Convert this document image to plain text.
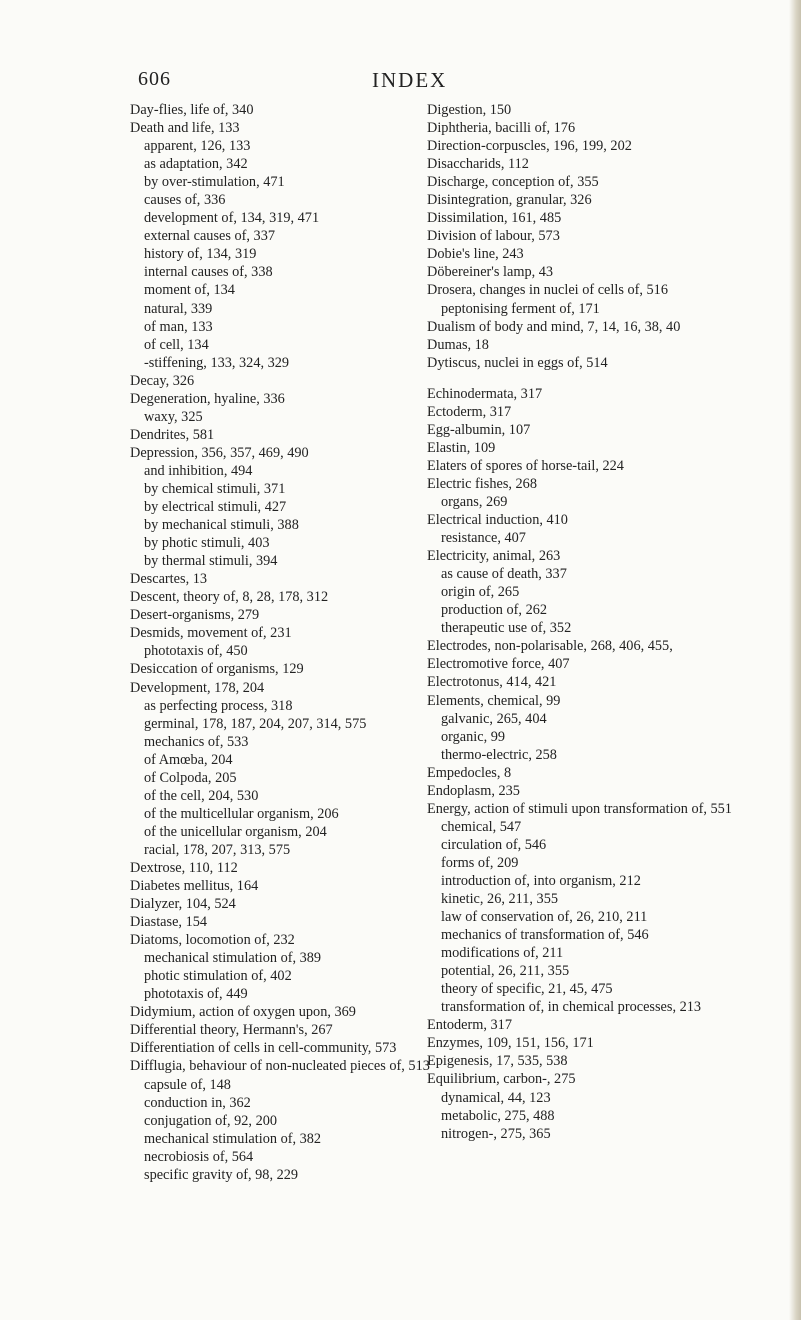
606	INDEX
Day-flies, life of, 340
Death and life, 133
apparent, 126, 133
as adaptation, 342
by over-stimulation, 471
causes of, 336
development of, 134, 319, 471
external causes of, 337
history of, 134, 319
internal causes of, 338
moment of, 134
natural, 339
of man, 133
of cell, 134
-stiffening, 133, 324, 329
Decay, 326
Degeneration, hyaline, 336
waxy, 325
Dendrites, 581
Depression, 356, 357, 469, 490
and inhibition, 494
by chemical stimuli, 371
by electrical stimuli, 427
by mechanical stimuli, 388
by photic stimuli, 403
by thermal stimuli, 394
Descartes, 13
Descent, theory of, 8, 28, 178, 312
Desert-organisms, 279
Desmids, movement of, 231
phototaxis of, 450
Desiccation of organisms, 129
Development, 178, 204
as perfecting process, 318
germinal, 178, 187, 204, 207, 314, 575
mechanics of, 533
of Amœba, 204
of Colpoda, 205
of the cell, 204, 530
of the multicellular organism, 206
of the unicellular organism, 204
racial, 178, 207, 313, 575
Dextrose, 110, 112
Diabetes mellitus, 164
Dialyzer, 104, 524
Diastase, 154
Diatoms, locomotion of, 232
mechanical stimulation of, 389
photic stimulation of, 402
phototaxis of, 449
Didymium, action of oxygen upon, 369
Differential theory, Hermann's, 267
Differentiation of cells in cell-community, 573
Difflugia, behaviour of non-nucleated pieces of, 513
capsule of, 148
conduction in, 362
conjugation of, 92, 200
mechanical stimulation of, 382
necrobiosis of, 564
specific gravity of, 98, 229
Digestion, 150
Diphtheria, bacilli of, 176
Direction-corpuscles, 196, 199, 202
Disaccharids, 112
Discharge, conception of, 355
Disintegration, granular, 326
Dissimilation, 161, 485
Division of labour, 573
Dobie's line, 243
Döbereiner's lamp, 43
Drosera, changes in nuclei of cells of, 516
peptonising ferment of, 171
Dualism of body and mind, 7, 14, 16, 38, 40
Dumas, 18
Dytiscus, nuclei in eggs of, 514
Echinodermata, 317
Ectoderm, 317
Egg-albumin, 107
Elastin, 109
Elaters of spores of horse-tail, 224
Electric fishes, 268
organs, 269
Electrical induction, 410
resistance, 407
Electricity, animal, 263
as cause of death, 337
origin of, 265
production of, 262
therapeutic use of, 352
Electrodes, non-polarisable, 268, 406, 455,
Electromotive force, 407
Electrotonus, 414, 421
Elements, chemical, 99
galvanic, 265, 404
organic, 99
thermo-electric, 258
Empedocles, 8
Endoplasm, 235
Energy, action of stimuli upon transformation of, 551
chemical, 547
circulation of, 546
forms of, 209
introduction of, into organism, 212
kinetic, 26, 211, 355
law of conservation of, 26, 210, 211
mechanics of transformation of, 546
modifications of, 211
potential, 26, 211, 355
theory of specific, 21, 45, 475
transformation of, in chemical processes, 213
Entoderm, 317
Enzymes, 109, 151, 156, 171
Epigenesis, 17, 535, 538
Equilibrium, carbon-, 275
dynamical, 44, 123
metabolic, 275, 488
nitrogen-, 275, 365
